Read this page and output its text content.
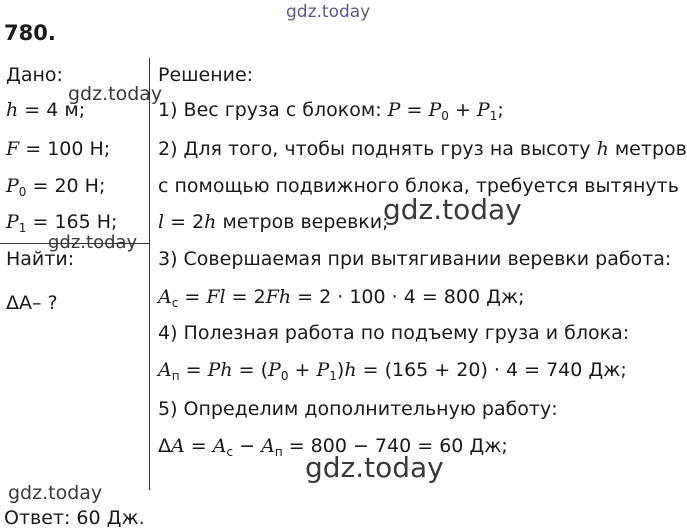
gdz.today
780.
Дано:
gdz.today
h = 4 м;
F = 100 Н;
$P_0 = 20$ Н;
$P_1 = 165$ Н;
gdz.today
Найти:
ΔA– ?
Решение:
1) Вес груза с блоком: $P = P_0 + P_1$;
2) Для того, чтобы поднять груз на высоту h метров
с помощью подвижного блока, требуется вытянуть
l = 2h метров веревки;
gdz.today
3) Совершаемая при вытягивании веревки работа:
$A_с = Fl = 2Fh = 2 \cdot 100 \cdot 4 = 800$ Дж;
4) Полезная работа по подъему груза и блока:
$A_п = Ph = (P_0 + P_1)h = (165 + 20) \cdot 4 = 740$ Дж;
5) Определим дополнительную работу:
$\Delta A = A_с - A_п = 800 - 740 = 60$ Дж;
gdz.today
gdz.today
Ответ: 60 Дж.
